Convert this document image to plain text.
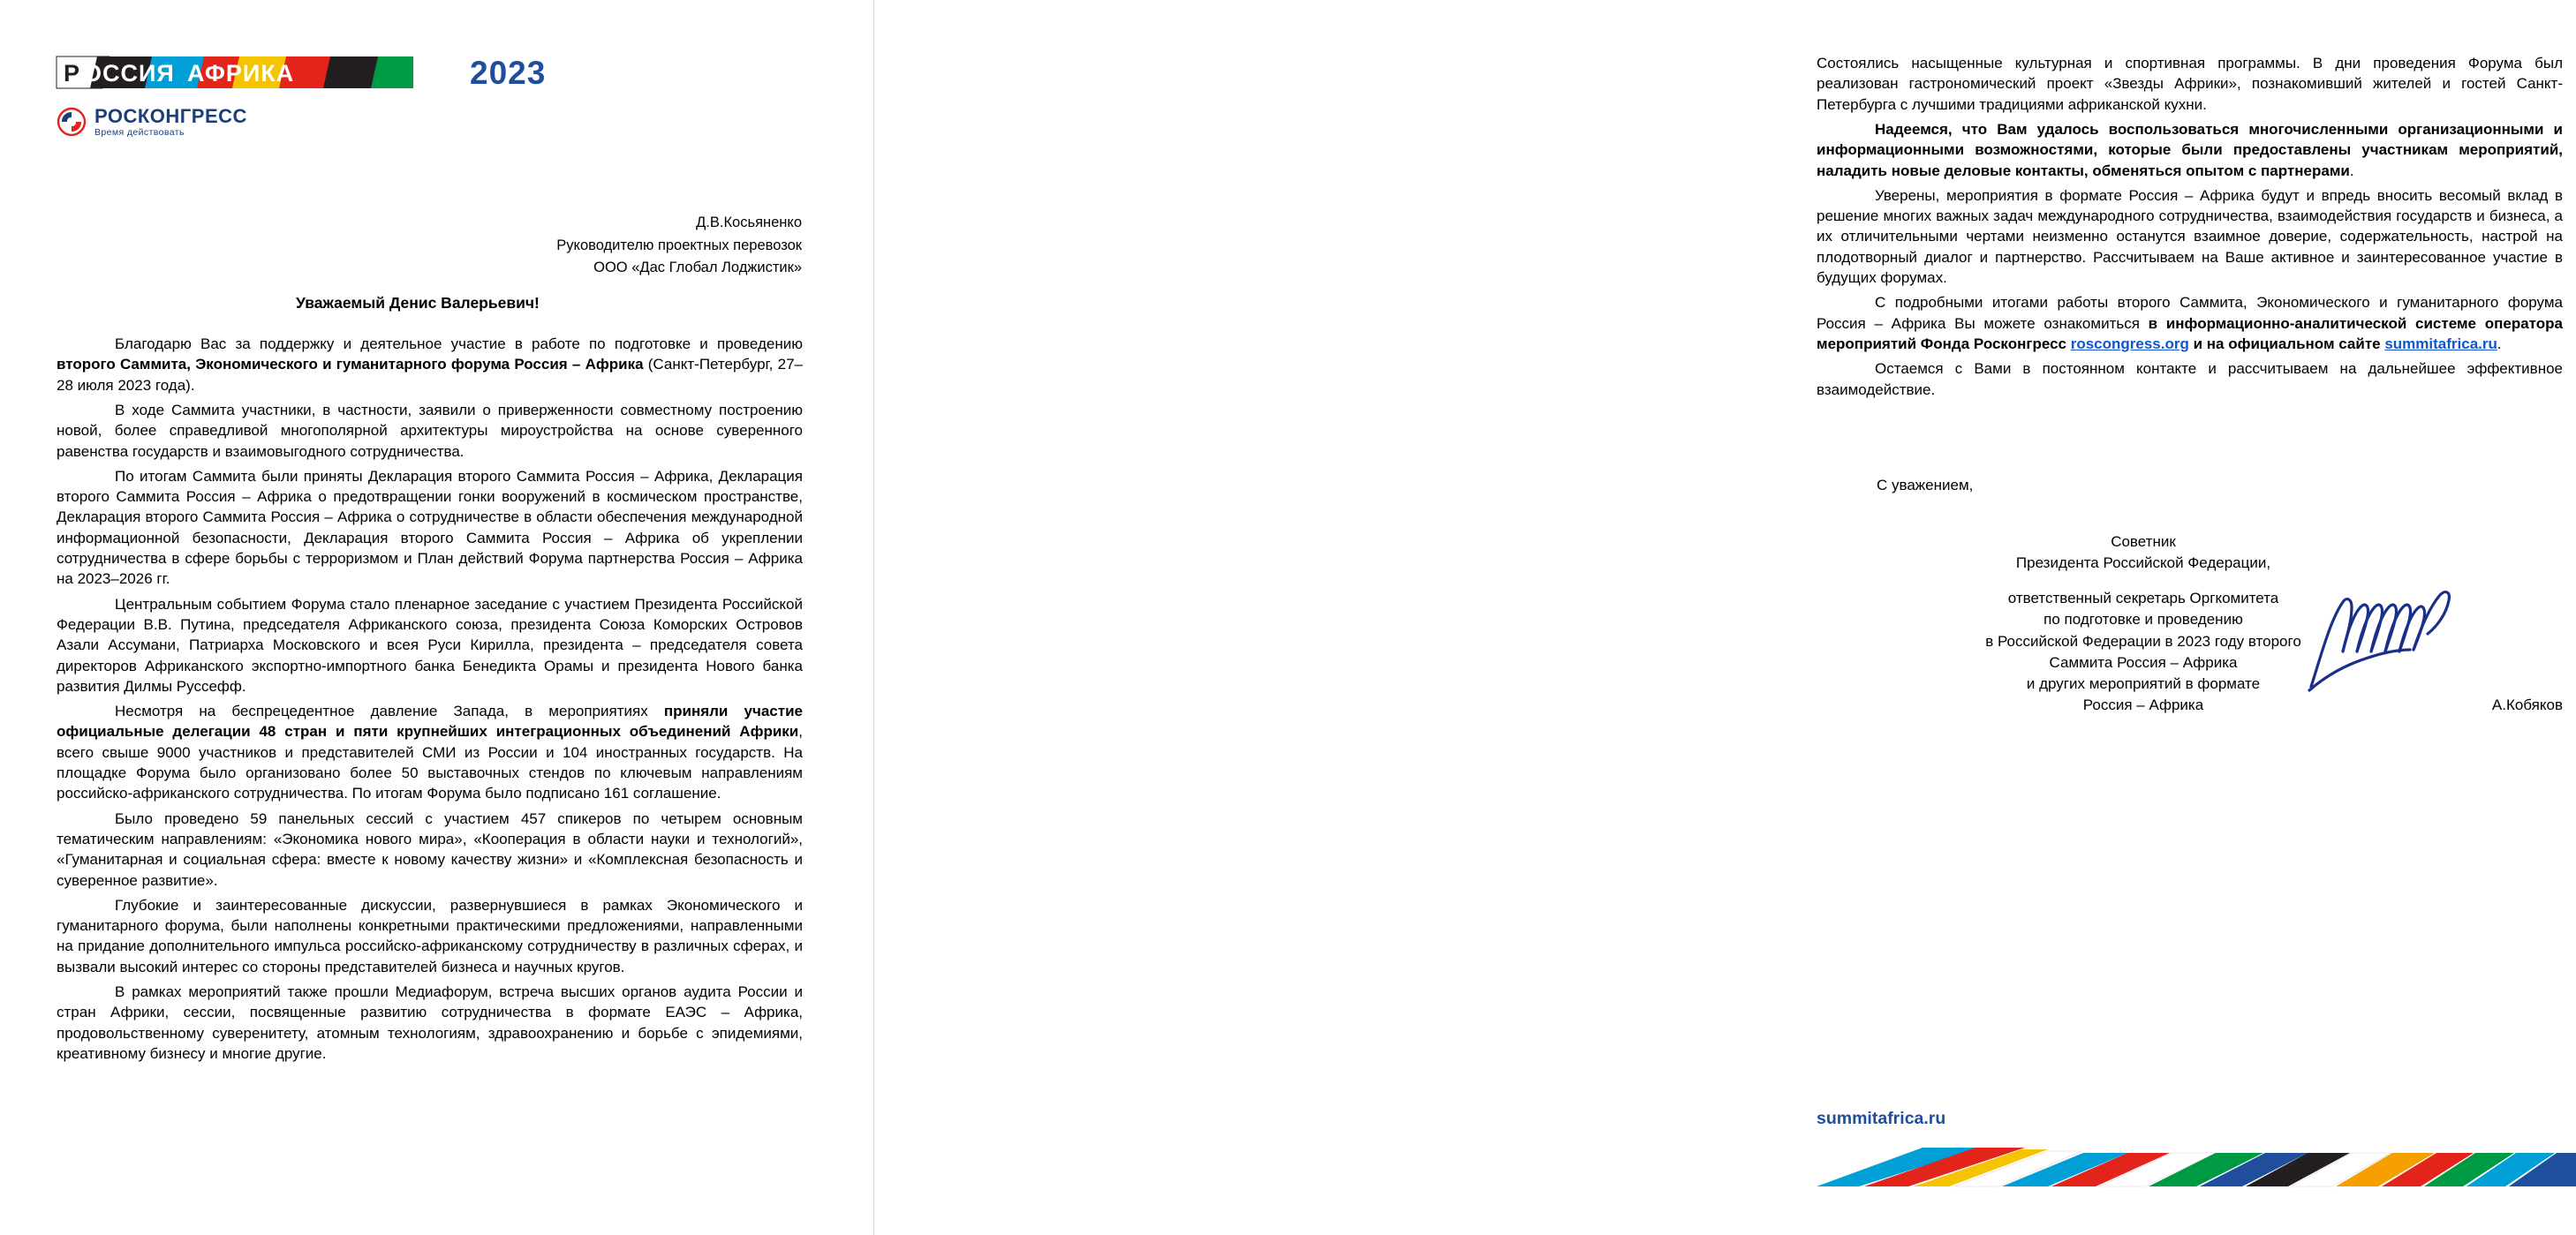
Р ОССИЯ АФРИКА	2023
РОСКОНГРЕСС
Время действовать
Д.В.Косьяненко
Руководителю проектных перевозок
ООО «Дас Глобал Лоджистик»
Уважаемый Денис Валерьевич!

Благодарю Вас за поддержку и деятельное участие в работе по подготовке и проведению второго Саммита, Экономического и гуманитарного форума Россия – Африка (Санкт-Петербург, 27–28 июля 2023 года).

В ходе Саммита участники, в частности, заявили о приверженности совместному построению новой, более справедливой многополярной архитектуры мироустройства на основе суверенного равенства государств и взаимовыгодного сотрудничества.

По итогам Саммита были приняты Декларация второго Саммита Россия – Африка, Декларация второго Саммита Россия – Африка о предотвращении гонки вооружений в космическом пространстве, Декларация второго Саммита Россия – Африка о сотрудничестве в области обеспечения международной информационной безопасности, Декларация второго Саммита Россия – Африка об укреплении сотрудничества в сфере борьбы с терроризмом и План действий Форума партнерства Россия – Африка на 2023–2026 гг.

Центральным событием Форума стало пленарное заседание с участием Президента Российской Федерации В.В. Путина, председателя Африканского союза, президента Союза Коморских Островов Азали Ассумани, Патриарха Московского и всея Руси Кирилла, президента – председателя совета директоров Африканского экспортно-импортного банка Бенедикта Орамы и президента Нового банка развития Дилмы Руссефф.

Несмотря на беспрецедентное давление Запада, в мероприятиях приняли участие официальные делегации 48 стран и пяти крупнейших интеграционных объединений Африки, всего свыше 9000 участников и представителей СМИ из России и 104 иностранных государств. На площадке Форума было организовано более 50 выставочных стендов по ключевым направлениям российско-африканского сотрудничества. По итогам Форума было подписано 161 соглашение.

Было проведено 59 панельных сессий с участием 457 спикеров по четырем основным тематическим направлениям: «Экономика нового мира», «Кооперация в области науки и технологий», «Гуманитарная и социальная сфера: вместе к новому качеству жизни» и «Комплексная безопасность и суверенное развитие».

Глубокие и заинтересованные дискуссии, развернувшиеся в рамках Экономического и гуманитарного форума, были наполнены конкретными практическими предложениями, направленными на придание дополнительного импульса российско-африканскому сотрудничеству в различных сферах, и вызвали высокий интерес со стороны представителей бизнеса и научных кругов.

В рамках мероприятий также прошли Медиафорум, встреча высших органов аудита России и стран Африки, сессии, посвященные развитию сотрудничества в формате ЕАЭС – Африка, продовольственному суверенитету, атомным технологиям, здравоохранению и борьбе с эпидемиями, креативному бизнесу и многие другие.

Состоялись насыщенные культурная и спортивная программы. В дни проведения Форума был реализован гастрономический проект «Звезды Африки», познакомивший жителей и гостей Санкт-Петербурга с лучшими традициями африканской кухни.

Надеемся, что Вам удалось воспользоваться многочисленными организационными и информационными возможностями, которые были предоставлены участникам мероприятий, наладить новые деловые контакты, обменяться опытом с партнерами.

Уверены, мероприятия в формате Россия – Африка будут и впредь вносить весомый вклад в решение многих важных задач международного сотрудничества, взаимодействия государств и бизнеса, а их отличительными чертами неизменно останутся взаимное доверие, содержательность, настрой на плодотворный диалог и партнерство. Рассчитываем на Ваше активное и заинтересованное участие в будущих форумах.

С подробными итогами работы второго Саммита, Экономического и гуманитарного форума Россия – Африка Вы можете ознакомиться в информационно-аналитической системе оператора мероприятий Фонда Росконгресс roscongress.org и на официальном сайте summitafrica.ru.

Остаемся с Вами в постоянном контакте и рассчитываем на дальнейшее эффективное взаимодействие.

С уважением,
Советник
Президента Российской Федерации,
ответственный секретарь Оргкомитета
по подготовке и проведению
в Российской Федерации в 2023 году второго
Саммита Россия – Африка
и других мероприятий в формате
Россия – Африка	А.Кобяков
summitafrica.ru
